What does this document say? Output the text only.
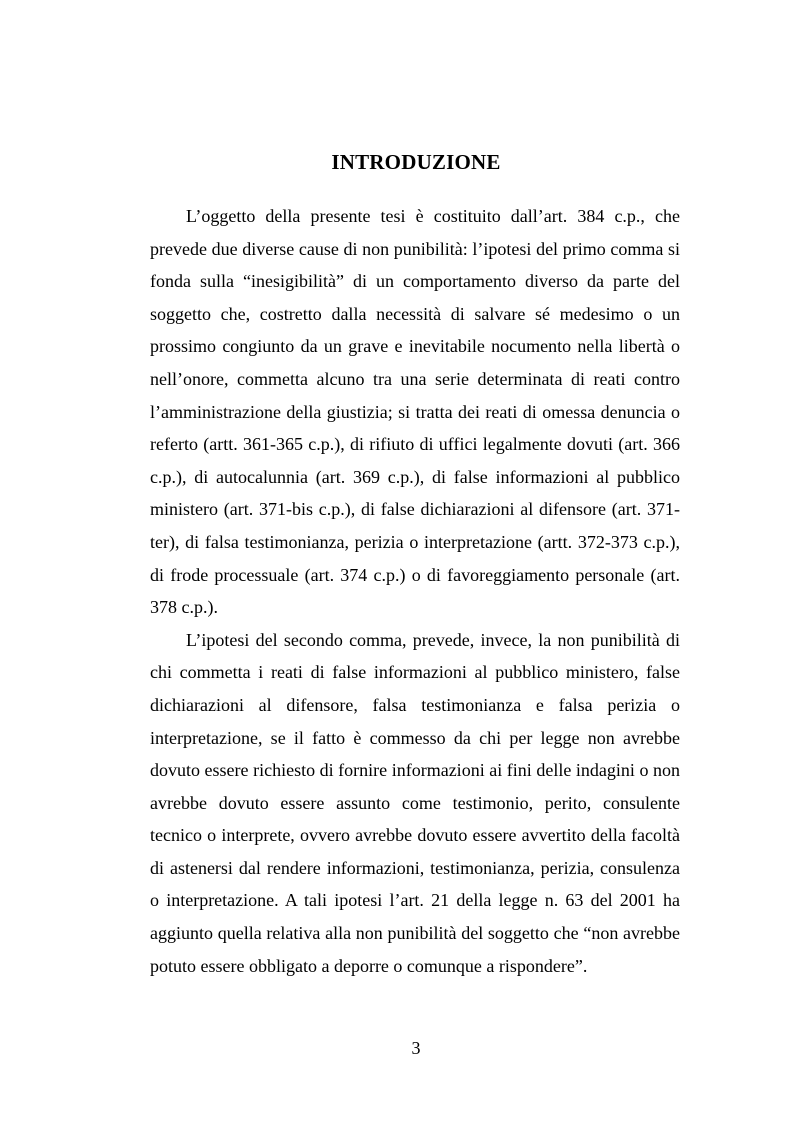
INTRODUZIONE

L’oggetto della presente tesi è costituito dall’art. 384 c.p., che prevede due diverse cause di non punibilità: l’ipotesi del primo comma si fonda sulla “inesigibilità” di un comportamento diverso da parte del soggetto che, costretto dalla necessità di salvare sé medesimo o un prossimo congiunto da un grave e inevitabile nocumento nella libertà o nell’onore, commetta alcuno tra una serie determinata di reati contro l’amministrazione della giustizia; si tratta dei reati di omessa denuncia o referto (artt. 361-365 c.p.), di rifiuto di uffici legalmente dovuti (art. 366 c.p.), di autocalunnia (art. 369 c.p.), di false informazioni al pubblico ministero (art. 371-bis c.p.), di false dichiarazioni al difensore (art. 371-ter), di falsa testimonianza, perizia o interpretazione (artt. 372-373 c.p.), di frode processuale (art. 374 c.p.) o di favoreggiamento personale (art. 378 c.p.).

L’ipotesi del secondo comma, prevede, invece, la non punibilità di chi commetta i reati di false informazioni al pubblico ministero, false dichiarazioni al difensore, falsa testimonianza e falsa perizia o interpretazione, se il fatto è commesso da chi per legge non avrebbe dovuto essere richiesto di fornire informazioni ai fini delle indagini o non avrebbe dovuto essere assunto come testimonio, perito, consulente tecnico o interprete, ovvero avrebbe dovuto essere avvertito della facoltà di astenersi dal rendere informazioni, testimonianza, perizia, consulenza o interpretazione. A tali ipotesi l’art. 21 della legge n. 63 del 2001 ha aggiunto quella relativa alla non punibilità del soggetto che “non avrebbe potuto essere obbligato a deporre o comunque a rispondere”.

3
